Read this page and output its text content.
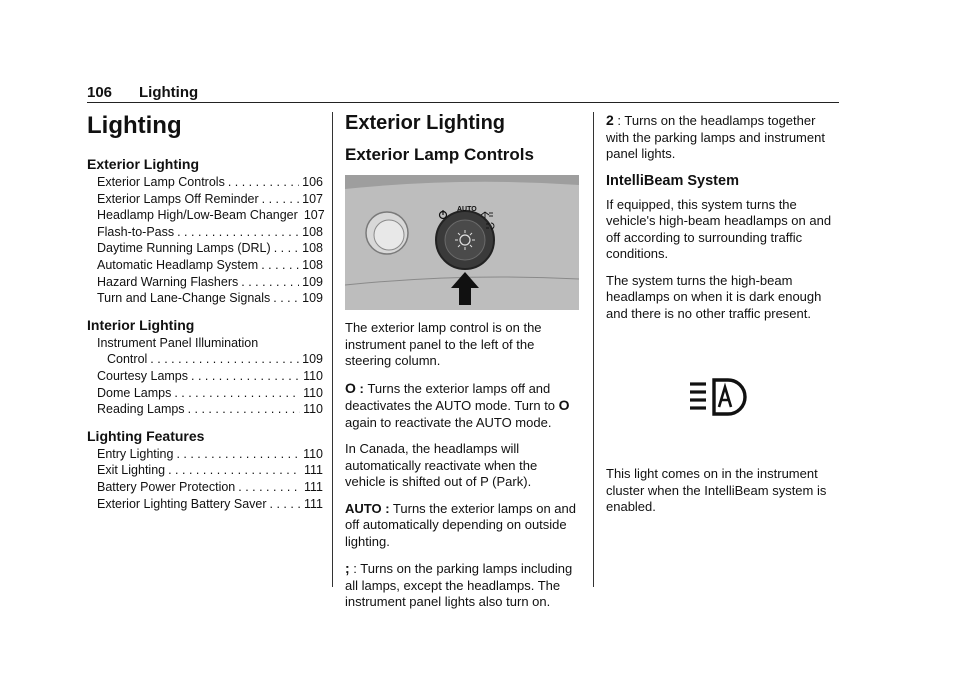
106 Lighting
Lighting
Exterior Lighting
Exterior Lamp Controls . . .	106
Exterior Lamps Off Reminder . . .	107
Headlamp High/Low-Beam Changer 107
Flash-to-Pass . . .	108
Daytime Running Lamps (DRL) . . .	108
Automatic Headlamp System . . .	108
Hazard Warning Flashers . . .	109
Turn and Lane-Change Signals . . .	109
Interior Lighting
Instrument Panel Illumination
Control . . .	109
Courtesy Lamps . . .	110
Dome Lamps . . .	110
Reading Lamps . . .	110
Lighting Features
Entry Lighting . . .	110
Exit Lighting . . .	111
Battery Power Protection . . .	111
Exterior Lighting Battery Saver . . .	111
Exterior Lighting
Exterior Lamp Controls
AUTO

The exterior lamp control is on the instrument panel to the left of the steering column.

O : Turns the exterior lamps off and deactivates the AUTO mode. Turn to O again to reactivate the AUTO mode.

In Canada, the headlamps will automatically reactivate when the vehicle is shifted out of P (Park).

AUTO : Turns the exterior lamps on and off automatically depending on outside lighting.

; : Turns on the parking lamps including all lamps, except the headlamps. The instrument panel lights also turn on.

2 : Turns on the headlamps together with the parking lamps and instrument panel lights.

IntelliBeam System

If equipped, this system turns the vehicle's high-beam headlamps on and off according to surrounding traffic conditions.

The system turns the high-beam headlamps on when it is dark enough and there is no other traffic present.

This light comes on in the instrument cluster when the IntelliBeam system is enabled.
